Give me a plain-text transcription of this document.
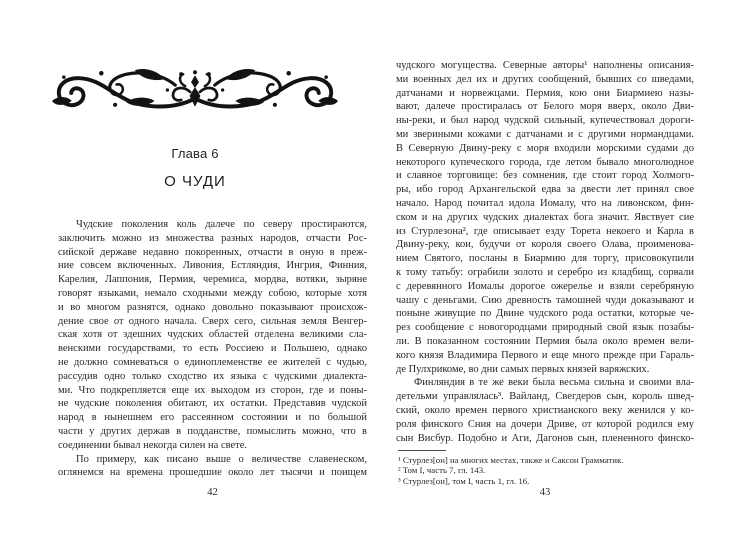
Глава 6
О ЧУДИ
Чудские поколения коль далече по северу простираются,
заключить можно из множества разных народов, отчасти Рос-
сийской державе недавно покоренных, отчасти в оную в преж-
ние совсем включенных. Ливония, Естляндия, Ингрия, Финния,
Карелия, Лаппония, Пермия, черемиса, мордва, вотяки, зыряне
говорят языками, немало сходными между собою, которые хотя
и во многом разнятся, однако довольно показывают происхож-
дение свое от одного начала. Сверх сего, сильная земля Венгер-
ская хотя от здешних чудских областей отделена великими сла-
венскими государствами, то есть Россиею и Польшею, однако
не должно сомневаться о единоплеменстве ее жителей с чудью,
рассудив одно только сходство их языка с чудскими диалекта-
ми. Что подкрепляется еще их выходом из сторон, где и поны-
не чудские поколения обитают, их остатки. Представив чудской
народ в нынешнем его рассеянном состоянии и по большой
части у других держав в подданстве, помыслить можно, что в
соединении бывал некогда силен на свете.
По примеру, как писано выше о величестве славенеском,
оглянемся на времена прошедшие около лет тысячи и поищем
42
чудского могущества. Северные авторы¹ наполнены описания-
ми военных дел их и других сообщений, бывших со шведами,
датчанами и норвежцами. Пермия, кою они Биармиею назы-
вают, далече простиралась от Белого моря вверх, около Дви-
ны-реки, и был народ чудской сильный, купечествовал дороги-
ми звериными кожами с датчанами и с другими нормандцами.
В Северную Двину-реку с моря входили морскими судами до
некоторого купеческого города, где летом бывало многолюдное
и славное торговище: без сомнения, где стоит город Холмого-
ры, ибо город Архангельской едва за двести лет принял свое
начало. Народ почитал идола Иомалу, что на ливонском, фин-
ском и на других чудских диалектах бога значит. Явствует сие
из Стурлезона², где описывает езду Торета некоего и Карла в
Двину-реку, кои, будучи от короля своего Олава, проименова-
нием Святого, посланы в Биармию для торгу, присовокупили
к тому татьбу: ограбили золото и серебро из кладбищ, сорвали
с деревянного Иомалы дорогое ожерелье и взяли серебряную
чашу с деньгами. Сию древность тамошней чуди доказывают и
поныне живущие по Двине чудского рода остатки, которые че-
рез сообщение с новогородцами природный свой язык позабы-
ли. В показанном состоянии Пермия была около времен вели-
кого князя Владимира Первого и еще много прежде при Гараль-
де Пулхрикоме, во дни самых первых князей варяжских.
Финляндия в те же веки была весьма сильна и своими вла-
детельми управлялась³. Вайланд, Свегдеров сын, король швед-
ский, около времен первого христианского веку женился у ко-
роля финского Сния на дочери Дриве, от которой родился ему
сын Висбур. Подобно и Аги, Дагонов сын, плененного финско-
¹ Стурлез[он] на многих местах, также и Саксон Грамматик.
² Том I, часть 7, гл. 143.
³ Стурлез[он], том I, часть 1, гл. 16.
43
